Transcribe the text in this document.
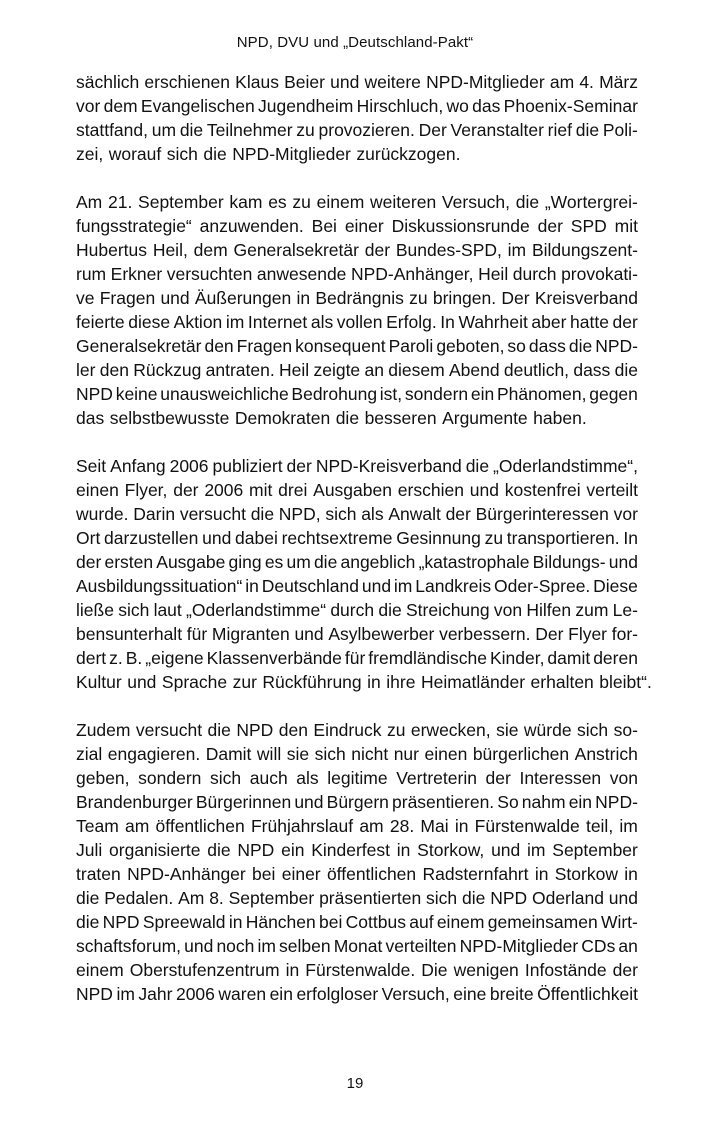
NPD, DVU und „Deutschland-Pakt“
sächlich erschienen Klaus Beier und weitere NPD-Mitglieder am 4. März
vor dem Evangelischen Jugendheim Hirschluch, wo das Phoenix-Seminar
stattfand, um die Teilnehmer zu provozieren. Der Veranstalter rief die Poli-
zei, worauf sich die NPD-Mitglieder zurückzogen.
Am 21. September kam es zu einem weiteren Versuch, die „Wortergrei-
fungsstrategie“ anzuwenden. Bei einer Diskussionsrunde der SPD mit
Hubertus Heil, dem Generalsekretär der Bundes-SPD, im Bildungszent-
rum Erkner versuchten anwesende NPD-Anhänger, Heil durch provokati-
ve Fragen und Äußerungen in Bedrängnis zu bringen. Der Kreisverband
feierte diese Aktion im Internet als vollen Erfolg. In Wahrheit aber hatte der
Generalsekretär den Fragen konsequent Paroli geboten, so dass die NPD-
ler den Rückzug antraten. Heil zeigte an diesem Abend deutlich, dass die
NPD keine unausweichliche Bedrohung ist, sondern ein Phänomen, gegen
das selbstbewusste Demokraten die besseren Argumente haben.
Seit Anfang 2006 publiziert der NPD-Kreisverband die „Oderlandstimme“,
einen Flyer, der 2006 mit drei Ausgaben erschien und kostenfrei verteilt
wurde. Darin versucht die NPD, sich als Anwalt der Bürgerinteressen vor
Ort darzustellen und dabei rechtsextreme Gesinnung zu transportieren. In
der ersten Ausgabe ging es um die angeblich „katastrophale Bildungs- und
Ausbildungssituation“ in Deutschland und im Landkreis Oder-Spree. Diese
ließe sich laut „Oderlandstimme“ durch die Streichung von Hilfen zum Le-
bensunterhalt für Migranten und Asylbewerber verbessern. Der Flyer for-
dert z. B. „eigene Klassenverbände für fremdländische Kinder, damit deren
Kultur und Sprache zur Rückführung in ihre Heimatländer erhalten bleibt“.
Zudem versucht die NPD den Eindruck zu erwecken, sie würde sich so-
zial engagieren. Damit will sie sich nicht nur einen bürgerlichen Anstrich
geben, sondern sich auch als legitime Vertreterin der Interessen von
Brandenburger Bürgerinnen und Bürgern präsentieren. So nahm ein NPD-
Team am öffentlichen Frühjahrslauf am 28. Mai in Fürstenwalde teil, im
Juli organisierte die NPD ein Kinderfest in Storkow, und im September
traten NPD-Anhänger bei einer öffentlichen Radsternfahrt in Storkow in
die Pedalen. Am 8. September präsentierten sich die NPD Oderland und
die NPD Spreewald in Hänchen bei Cottbus auf einem gemeinsamen Wirt-
schaftsforum, und noch im selben Monat verteilten NPD-Mitglieder CDs an
einem Oberstufenzentrum in Fürstenwalde. Die wenigen Infostände der
NPD im Jahr 2006 waren ein erfolgloser Versuch, eine breite Öffentlichkeit
19
